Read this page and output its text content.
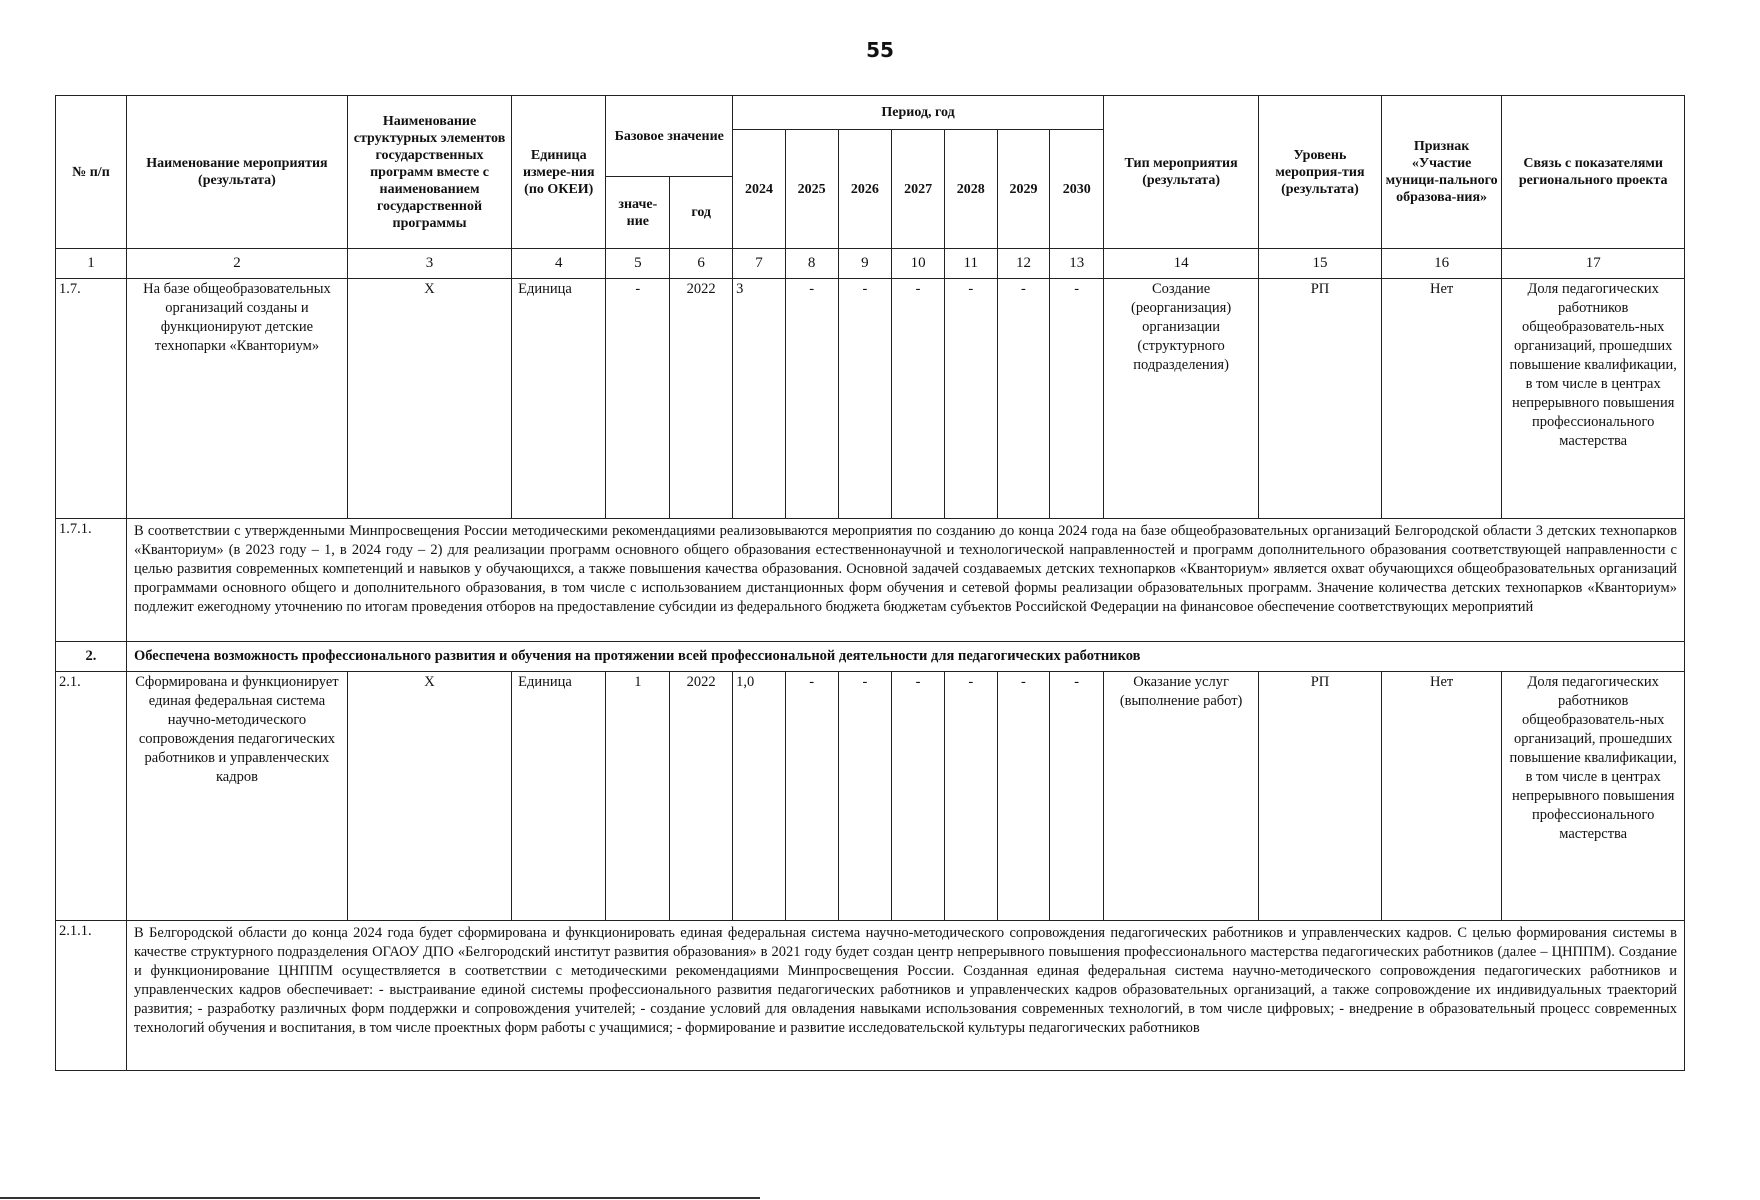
55
№ п/п	Наименование мероприятия (результата)	Наименование структурных элементов государственных программ вместе с наименованием государственной программы	Единица измере-ния (по ОКЕИ)	Базовое значение		Период, год							Тип мероприятия (результата)	Уровень мероприя-тия (результата)	Признак «Участие муници-пального образова-ния»	Связь с показателями регионального проекта
						2024	2025	2026	2027	2028	2029	2030				
				значе-ние	год											
1	2	3	4	5	6	7	8	9	10	11	12	13	14	15	16	17
1.7.	На базе общеобразовательных организаций созданы и функционируют детские технопарки «Кванториум»	X	Единица	-	2022	3	-	-	-	-	-	-	Создание (реорганизация) организации (структурного подразделения)	РП	Нет	Доля педагогических работников общеобразователь-ных организаций, прошедших повышение квалификации, в том числе в центрах непрерывного повышения профессионального мастерства
1.7.1.	В соответствии с утвержденными Минпросвещения России методическими рекомендациями реализовываются мероприятия по созданию до конца 2024 года на базе общеобразовательных организаций Белгородской области 3 детских технопарков «Кванториум» (в 2023 году – 1, в 2024 году – 2) для реализации программ основного общего образования естественнонаучной и технологической направленностей и программ дополнительного образования соответствующей направленности с целью развития современных компетенций и навыков у обучающихся, а также повышения качества образования. Основной задачей создаваемых детских технопарков «Кванториум» является охват обучающихся общеобразовательных организаций программами основного общего и дополнительного образования, в том числе с использованием дистанционных форм обучения и сетевой формы реализации образовательных программ. Значение количества детских технопарков «Кванториум» подлежит ежегодному уточнению по итогам проведения отборов на предоставление субсидии из федерального бюджета бюджетам субъектов Российской Федерации на финансовое обеспечение соответствующих мероприятий															
2.	Обеспечена возможность профессионального развития и обучения на протяжении всей профессиональной деятельности для педагогических работников															
2.1.	Сформирована и функционирует единая федеральная система научно-методического сопровождения педагогических работников и управленческих кадров	X	Единица	1	2022	1,0	-	-	-	-	-	-	Оказание услуг (выполнение работ)	РП	Нет	Доля педагогических работников общеобразователь-ных организаций, прошедших повышение квалификации, в том числе в центрах непрерывного повышения профессионального мастерства
2.1.1.	В Белгородской области до конца 2024 года будет сформирована и функционировать единая федеральная система научно-методического сопровождения педагогических работников и управленческих кадров. С целью формирования системы в качестве структурного подразделения ОГАОУ ДПО «Белгородский институт развития образования» в 2021 году будет создан центр непрерывного повышения профессионального мастерства педагогических работников (далее – ЦНППМ). Создание и функционирование ЦНППМ осуществляется в соответствии с методическими рекомендациями Минпросвещения России. Созданная единая федеральная система научно-методического сопровождения педагогических работников и управленческих кадров обеспечивает: - выстраивание единой системы профессионального развития педагогических работников и управленческих кадров образовательных организаций, а также сопровождение их индивидуальных траекторий развития; - разработку различных форм поддержки и сопровождения учителей; - создание условий для овладения навыками использования современных технологий, в том числе цифровых; - внедрение в образовательный процесс современных технологий обучения и воспитания, в том числе проектных форм работы с учащимися; - формирование и развитие исследовательской культуры педагогических работников															
